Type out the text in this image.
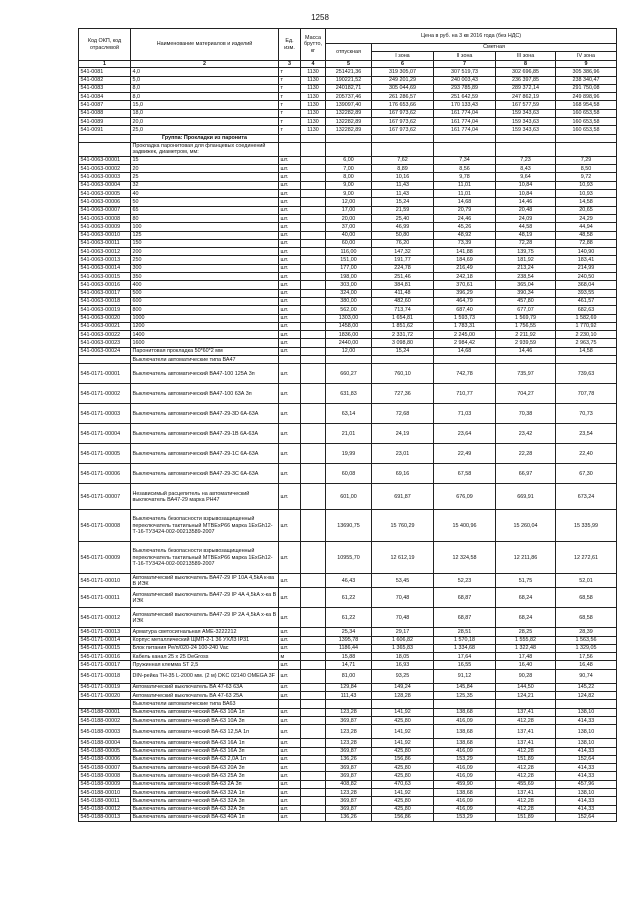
1258
Код ОКП, код отраслевой	Наименование материалов и изделий	Ед. изм.	Масса брутто, кг	Цена в руб. на 3 кв 2016 года (без НДС)				
				отпускная	Сметная			
					I зона	II зона	III зона	IV зона
1	2	3	4	5	6	7	8	9
541-0081	4,0	т	1130	251421,36	319 305,07	307 519,73	302 696,85	305 386,96
541-0082	5,0	т	1130	190221,52	249 201,29	240 003,43	236 397,85	238 340,47
541-0083	8,0	т	1130	240182,71	305 044,69	293 785,89	289 372,14	291 750,08
541-0084	8,0	т	1130	205737,46	261 286,57	251 642,59	247 862,19	249 898,96
541-0087	15,0	т	1130	139097,40	176 653,66	170 133,43	167 577,59	168 954,58
541-0088	18,0	т	1130	132282,89	167 973,62	161 774,04	159 343,63	160 653,58
541-0089	20,0	т	1130	132282,89	167 973,62	161 774,04	159 343,63	160 653,58
541-0091	25,0	т	1130	132282,89	167 973,62	161 774,04	159 343,63	160 653,58
	Группа: Прокладки из паронита							
	Прокладка паронитовая для фланцевых соединений задвижек, диаметром, мм:							
541-0063-00001	15	шт.		6,00	7,62	7,34	7,23	7,29
541-0063-00002	20	шт.		7,00	8,89	8,56	8,43	8,50
541-0063-00003	25	шт.		8,00	10,16	9,78	9,64	9,72
541-0063-00004	32	шт.		9,00	11,43	11,01	10,84	10,93
541-0063-00005	40	шт.		9,00	11,43	11,01	10,84	10,93
541-0063-00006	50	шт.		12,00	15,24	14,68	14,46	14,58
541-0063-00007	65	шт.		17,00	21,59	20,79	20,48	20,65
541-0063-00008	80	шт.		20,00	25,40	24,46	24,09	24,29
541-0063-00009	100	шт.		37,00	46,99	45,26	44,58	44,94
541-0063-00010	125	шт.		40,00	50,80	48,92	48,19	48,58
541-0063-00011	150	шт.		60,00	76,20	73,39	72,28	72,88
541-0063-00012	200	шт.		116,00	147,32	141,88	139,75	140,90
541-0063-00013	250	шт.		151,00	191,77	184,69	181,92	183,41
541-0063-00014	300	шт.		177,00	224,78	216,49	213,24	214,99
541-0063-00015	350	шт.		198,00	251,46	242,18	238,54	240,50
541-0063-00016	400	шт.		303,00	384,81	370,61	365,04	368,04
541-0063-00017	500	шт.		324,00	411,48	396,29	390,34	393,55
541-0063-00018	600	шт.		380,00	482,60	464,79	457,80	461,57
541-0063-00019	800	шт.		562,00	713,74	687,40	677,07	682,63
541-0063-00020	1000	шт.		1303,00	1 654,81	1 593,73	1 569,79	1 582,69
541-0063-00021	1200	шт.		1458,00	1 851,62	1 783,31	1 756,55	1 770,92
541-0063-00022	1400	шт.		1836,00	2 331,72	2 245,00	2 211,92	2 230,10
541-0063-00023	1600	шт.		2440,00	3 098,80	2 984,42	2 939,59	2 963,75
541-0063-00024	Паронитовая прокладка 50*60*2 мм	шт.		12,00	15,24	14,68	14,46	14,58
	Выключатели автоматические типа ВА47							
545-0171-00001	Выключатель автоматический ВА47-100 125А 3п	шт.		660,27	760,10	742,78	735,97	739,63
545-0171-00002	Выключатель автоматический ВА47-100 63А 3п	шт.		631,83	727,36	710,77	704,27	707,78
545-0171-00003	Выключатель автоматический ВА47-29-3D 6А-63А	шт.		63,14	72,68	71,03	70,38	70,73
545-0171-00004	Выключатель автоматический ВА47-29-1В 6А-63А	шт.		21,01	24,19	23,64	23,42	23,54
545-0171-00005	Выключатель автоматический ВА47-29-1С 6А-63А	шт.		19,99	23,01	22,49	22,28	22,40
545-0171-00006	Выключатель автоматический ВА47-29-3С 6А-63А	шт.		60,08	69,16	67,58	66,97	67,30
545-0171-00007	Независимый расцепитель на автоматический выключатель ВА47-29 марка РН47	шт.		601,00	691,87	676,09	669,91	673,24
545-0171-00008	Выключатель безопасности взрывозащищенный переключатель тактильный МТВЕхР66 марка 1ЕхGh12-Т-16-ТУ3424-002-00213589-2007	шт.		13690,75	15 760,29	15 400,96	15 260,04	15 335,99
545-0171-00009	Выключатель безопасности взрывозащищенный переключатель тактильный МТВЕхР66 марка 1ЕхGh12-Т-16-ТУ3424-002-00213589-2007	шт.		10955,70	12 612,19	12 324,58	12 211,86	12 272,61
545-0171-00010	Автоматический выключатель ВА47-29 IP 10А 4,5kA к-ва В ИЭК	шт.		46,43	53,45	52,23	51,75	52,01
545-0171-00011	Автоматический выключатель ВА47-29 IP 4А 4,5kA х-ка В ИЭК	шт.		61,22	70,48	68,87	68,24	68,58
545-0171-00012	Автоматический выключатель ВА47-29 IP 2А 4,5kA х-ка В ИЭК	шт.		61,22	70,48	68,87	68,24	68,58
545-0171-00013	Арматура светосигнальная АМЕ-3222212	шт.		25,34	29,17	28,51	28,25	28,39
545-0171-00014	Корпус металлический ЩМП-2-1 36 УХЛ3 IP31	шт.		1395,78	1 606,82	1 570,18	1 555,82	1 563,56
545-0171-00015	Блок питания Ре/п/020-24 100-240 Vac	шт.		1186,44	1 365,83	1 334,68	1 322,48	1 329,05
545-0171-00016	Кабель канал 25 х 25 DeGross	м		15,88	18,05	17,64	17,48	17,56
545-0171-00017	Пружинная клемма ST 2,5	шт.		14,71	16,93	16,55	16,40	16,48
545-0171-00018	DIN-рейка ТН-35 L-2000 мм. (2 м) DKC 02140 ОМЕGA 3F	шт.		81,00	93,25	91,12	90,28	90,74
545-0171-00019	Автоматический выключатель ВА 47-63 63А	шт.		129,84	149,24	145,84	144,50	145,22
545-0171-00020	Автоматический выключатель ВА 47-63 25А	шт.		111,43	128,28	125,35	124,21	124,82
	Выключатели автоматические типа ВА63							
545-0188-00001	Выключатель автомати-ческий ВА-63 10А 1п	шт.		123,28	141,92	138,68	137,41	138,10
545-0188-00002	Выключатель автомати-ческий ВА-63 10А 3п	шт.		369,87	425,80	416,09	412,28	414,33
545-0188-00003	Выключатель автомати-ческий ВА-63 12,5А 1п	шт.		123,28	141,92	138,68	137,41	138,10
545-0188-00004	Выключатель автомати-ческий ВА-63 16А 1п	шт.		123,28	141,92	138,68	137,41	138,10
545-0188-00005	Выключатель автомати-ческий ВА-63 16А 3п	шт.		369,87	425,80	416,09	412,28	414,33
545-0188-00006	Выключатель автомати-ческий ВА-63 2,0А 1п	шт.		136,26	156,86	153,29	151,89	152,64
545-0188-00007	Выключатель автомати-ческий ВА-63 20А 3п	шт.		369,87	425,80	416,09	412,28	414,33
545-0188-00008	Выключатель автомати-ческий ВА-63 25А 3п	шт.		369,87	425,80	416,09	412,28	414,33
545-0188-00009	Выключатель автомати-ческий ВА-63 2А 3п	шт.		408,82	470,63	459,90	455,69	457,96
545-0188-00010	Выключатель автомати-ческий ВА-63 32А 1п	шт.		123,28	141,92	138,68	137,41	138,10
545-0188-00011	Выключатель автомати-ческий ВА-63 32А 3п	шт.		369,87	425,80	416,09	412,28	414,33
545-0188-00012	Выключатель автомати-ческий ВА-63 32А 3п	шт.		369,87	425,80	416,09	412,28	414,33
545-0188-00013	Выключатель автомати-ческий ВА-63 40А 1п	шт.		136,26	156,86	153,29	151,89	152,64
